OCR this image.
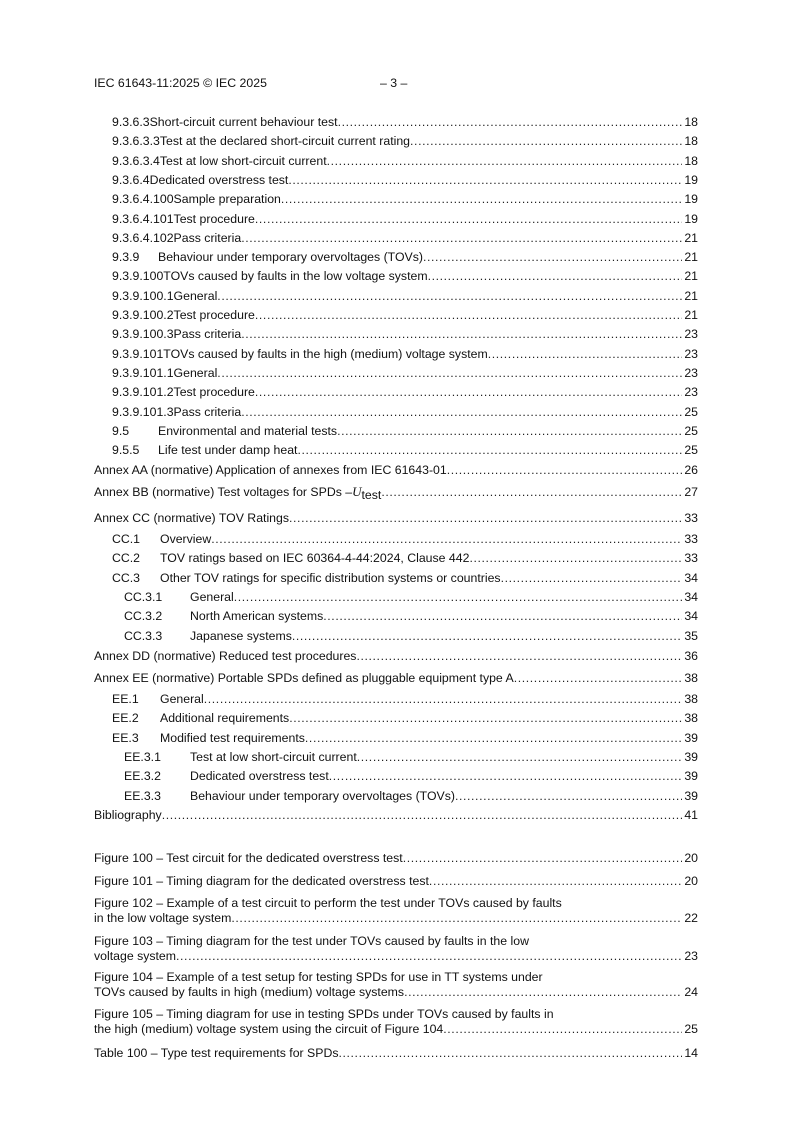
IEC 61643-11:2025 © IEC 2025	– 3 –
9.3.6.3 Short-circuit current behaviour test .....	18
9.3.6.3.3 Test at the declared short-circuit current rating .....	18
9.3.6.3.4 Test at low short-circuit current .....	18
9.3.6.4 Dedicated overstress test .....	19
9.3.6.4.100 Sample preparation .....	19
9.3.6.4.101 Test procedure .....	19
9.3.6.4.102 Pass criteria .....	21
9.3.9	Behaviour under temporary overvoltages (TOVs) .....	21
9.3.9.100 TOVs caused by faults in the low voltage system .....	21
9.3.9.100.1 General .....	21
9.3.9.100.2 Test procedure .....	21
9.3.9.100.3 Pass criteria .....	23
9.3.9.101 TOVs caused by faults in the high (medium) voltage system .....	23
9.3.9.101.1 General .....	23
9.3.9.101.2 Test procedure .....	23
9.3.9.101.3 Pass criteria .....	25
9.5	Environmental and material tests .....	25
9.5.5	Life test under damp heat .....	25
Annex AA (normative) Application of annexes from IEC 61643-01 .....	26
Annex BB (normative) Test voltages for SPDs – U test .....	27
Annex CC (normative) TOV Ratings .....	33
CC.1	Overview .....	33
CC.2	TOV ratings based on IEC 60364-4-44:2024, Clause 442 .....	33
CC.3	Other TOV ratings for specific distribution systems or countries .....	34
CC.3.1	General .....	34
CC.3.2	North American systems .....	34
CC.3.3	Japanese systems .....	35
Annex DD (normative) Reduced test procedures .....	36
Annex EE (normative) Portable SPDs defined as pluggable equipment type A .....	38
EE.1	General .....	38
EE.2	Additional requirements .....	38
EE.3	Modified test requirements .....	39
EE.3.1	Test at low short-circuit current .....	39
EE.3.2	Dedicated overstress test .....	39
EE.3.3	Behaviour under temporary overvoltages (TOVs) .....	39
Bibliography .....	41
Figure 100 – Test circuit for the dedicated overstress test .....	20
Figure 101 – Timing diagram for the dedicated overstress test .....	20
Figure 102 – Example of a test circuit to perform the test under TOVs caused by faults
in the low voltage system .....	22
Figure 103 – Timing diagram for the test under TOVs caused by faults in the low
voltage system .....	23
Figure 104 – Example of a test setup for testing SPDs for use in TT systems under
TOVs caused by faults in high (medium) voltage systems .....	24
Figure 105 – Timing diagram for use in testing SPDs under TOVs caused by faults in
the high (medium) voltage system using the circuit of Figure 104 .....	25
Table 100 – Type test requirements for SPDs .....	14
